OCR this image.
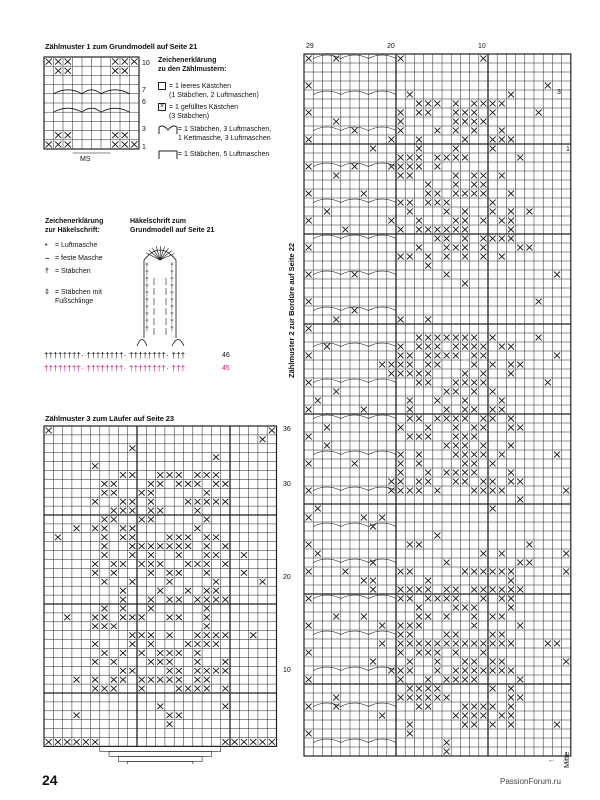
Zählmuster 1 zum Grundmodell auf Seite 21
10
7
6
3
1
MS
Zeichenerklärung
zu den Zählmustern:
= 1 leeres Kästchen
(1 Stäbchen, 2 Luftmaschen)
× = 1 gefülltes Kästchen
(3 Stäbchen)
= 1 Stäbchen, 3 Luftmaschen,
1 Kettmasche, 3 Luftmaschen
= 1 Stäbchen, 5 Luftmaschen
Zeichenerklärung
zur Häkelschrift:
• = Luftmasche
⌢ = feste Masche
† = Stäbchen
‡ = Stäbchen mit
Fußschlinge
Häkelschrift zum
Grundmodell auf Seite 21
†	†
†	†
†	†
†	†
†	†
†	†
†	†
†	†
†	†
†	†
††††††††· ††††††††· ††††††††· †††
††††††††· ††††††††· ††††††††· †††
46
45
Zählmuster 3 zum Läufer auf Seite 23
36
30
20
10
29	20	10
3
1
Zählmuster 2 zur Bordüre auf Seite 22
← Mitte
24	PassionForum.ru
